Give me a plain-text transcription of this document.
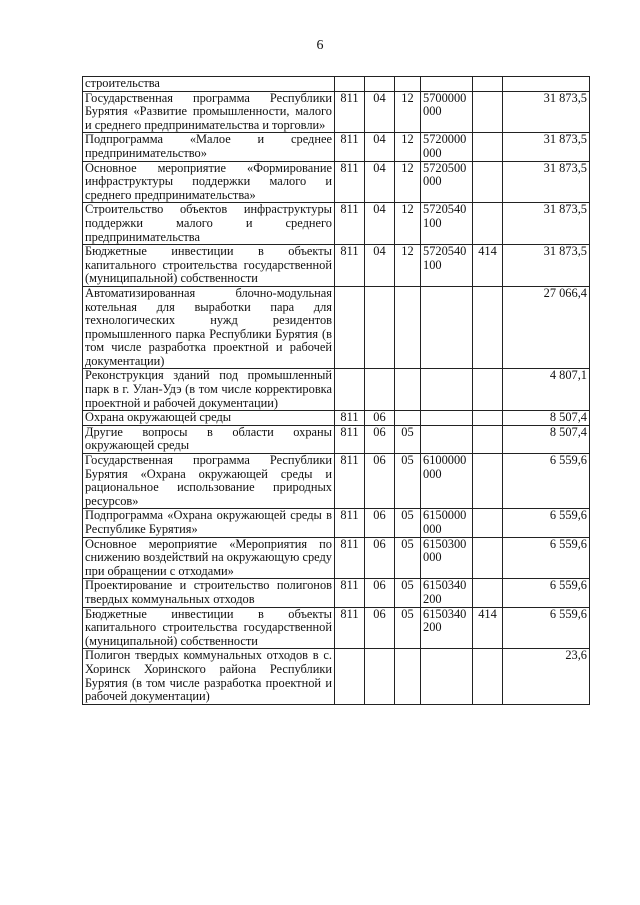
6
строительства						
Государственная программа Республики Бурятия «Развитие промышленности, малого и среднего предпринимательства и торговли»	811	04	12	5700000 000		31 873,5
Подпрограмма «Малое и среднее предпринимательство»	811	04	12	5720000 000		31 873,5
Основное мероприятие «Формирование инфраструктуры поддержки малого и среднего предпринимательства»	811	04	12	5720500 000		31 873,5
Строительство объектов инфраструктуры поддержки малого и среднего предпринимательства	811	04	12	5720540 100		31 873,5
Бюджетные инвестиции в объекты капитального строительства государственной (муниципальной) собственности	811	04	12	5720540 100	414	31 873,5
Автоматизированная блочно-модульная котельная для выработки пара для технологических нужд резидентов промышленного парка Республики Бурятия (в том числе разработка проектной и рабочей документации)						27 066,4
Реконструкция зданий под промышленный парк в г. Улан-Удэ (в том числе корректировка проектной и рабочей документации)						4 807,1
Охрана окружающей среды	811	06				8 507,4
Другие вопросы в области охраны окружающей среды	811	06	05			8 507,4
Государственная программа Республики Бурятия «Охрана окружающей среды и рациональное использование природных ресурсов»	811	06	05	6100000 000		6 559,6
Подпрограмма «Охрана окружающей среды в Республике Бурятия»	811	06	05	6150000 000		6 559,6
Основное мероприятие «Мероприятия по снижению воздействий на окружающую среду при обращении с отходами»	811	06	05	6150300 000		6 559,6
Проектирование и строительство полигонов твердых коммунальных отходов	811	06	05	6150340 200		6 559,6
Бюджетные инвестиции в объекты капитального строительства государственной (муниципальной) собственности	811	06	05	6150340 200	414	6 559,6
Полигон твердых коммунальных отходов в с. Хоринск Хоринского района Республики Бурятия (в том числе разработка проектной и рабочей документации)						23,6
